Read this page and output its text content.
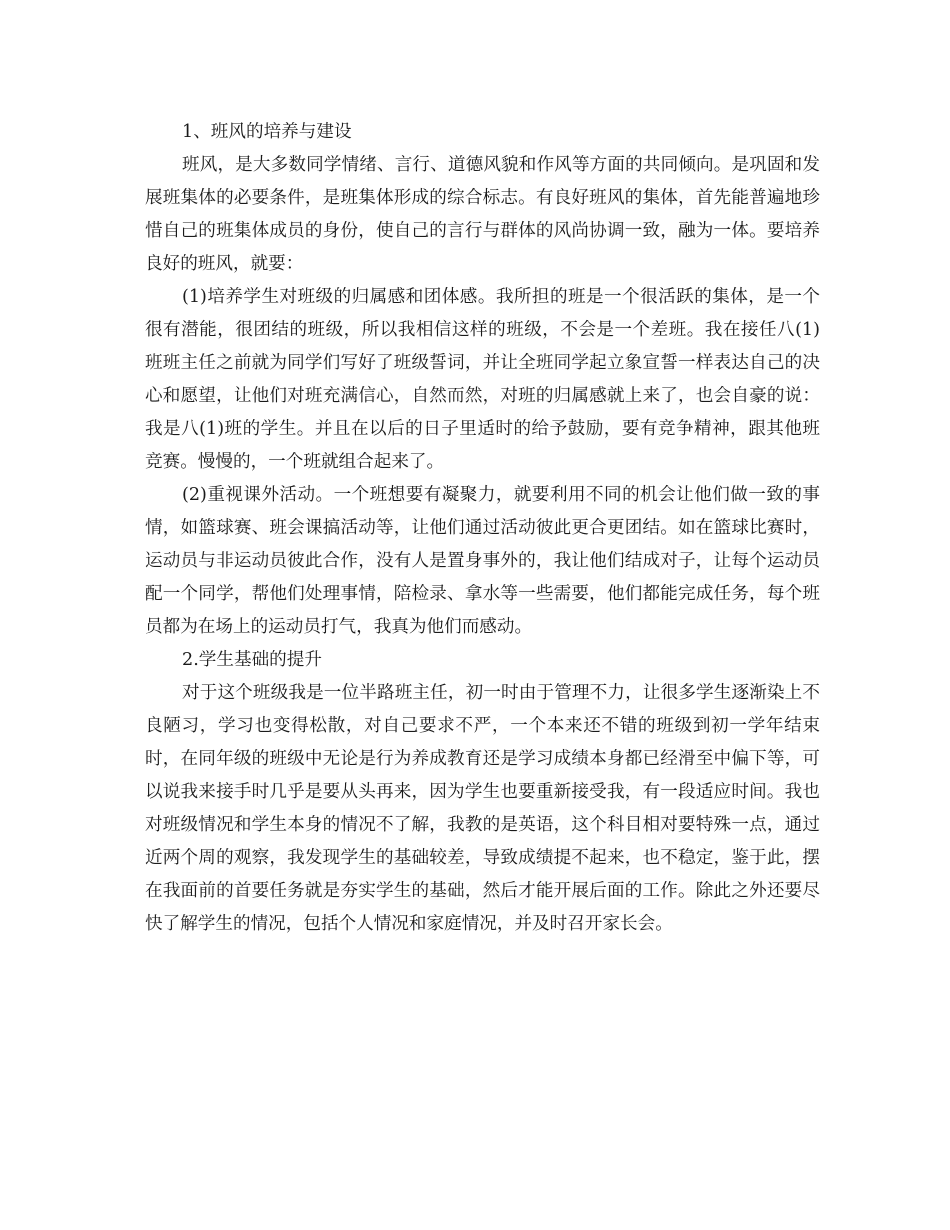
1、班风的培养与建设

班风，是大多数同学情绪、言行、道德风貌和作风等方面的共同倾向。是巩固和发展班集体的必要条件，是班集体形成的综合标志。有良好班风的集体，首先能普遍地珍惜自己的班集体成员的身份，使自己的言行与群体的风尚协调一致，融为一体。要培养良好的班风，就要：

(1)培养学生对班级的归属感和团体感。我所担的班是一个很活跃的集体，是一个很有潜能，很团结的班级，所以我相信这样的班级，不会是一个差班。我在接任八(1)班班主任之前就为同学们写好了班级誓词，并让全班同学起立象宣誓一样表达自己的决心和愿望，让他们对班充满信心，自然而然，对班的归属感就上来了，也会自豪的说：我是八(1)班的学生。并且在以后的日子里适时的给予鼓励，要有竞争精神，跟其他班竞赛。慢慢的，一个班就组合起来了。

(2)重视课外活动。一个班想要有凝聚力，就要利用不同的机会让他们做一致的事情，如篮球赛、班会课搞活动等，让他们通过活动彼此更合更团结。如在篮球比赛时，运动员与非运动员彼此合作，没有人是置身事外的，我让他们结成对子，让每个运动员配一个同学，帮他们处理事情，陪检录、拿水等一些需要，他们都能完成任务，每个班员都为在场上的运动员打气，我真为他们而感动。

2.学生基础的提升

对于这个班级我是一位半路班主任，初一时由于管理不力，让很多学生逐渐染上不良陋习，学习也变得松散，对自己要求不严，一个本来还不错的班级到初一学年结束时，在同年级的班级中无论是行为养成教育还是学习成绩本身都已经滑至中偏下等，可以说我来接手时几乎是要从头再来，因为学生也要重新接受我，有一段适应时间。我也对班级情况和学生本身的情况不了解，我教的是英语，这个科目相对要特殊一点，通过近两个周的观察，我发现学生的基础较差，导致成绩提不起来，也不稳定，鉴于此，摆在我面前的首要任务就是夯实学生的基础，然后才能开展后面的工作。除此之外还要尽快了解学生的情况，包括个人情况和家庭情况，并及时召开家长会。
